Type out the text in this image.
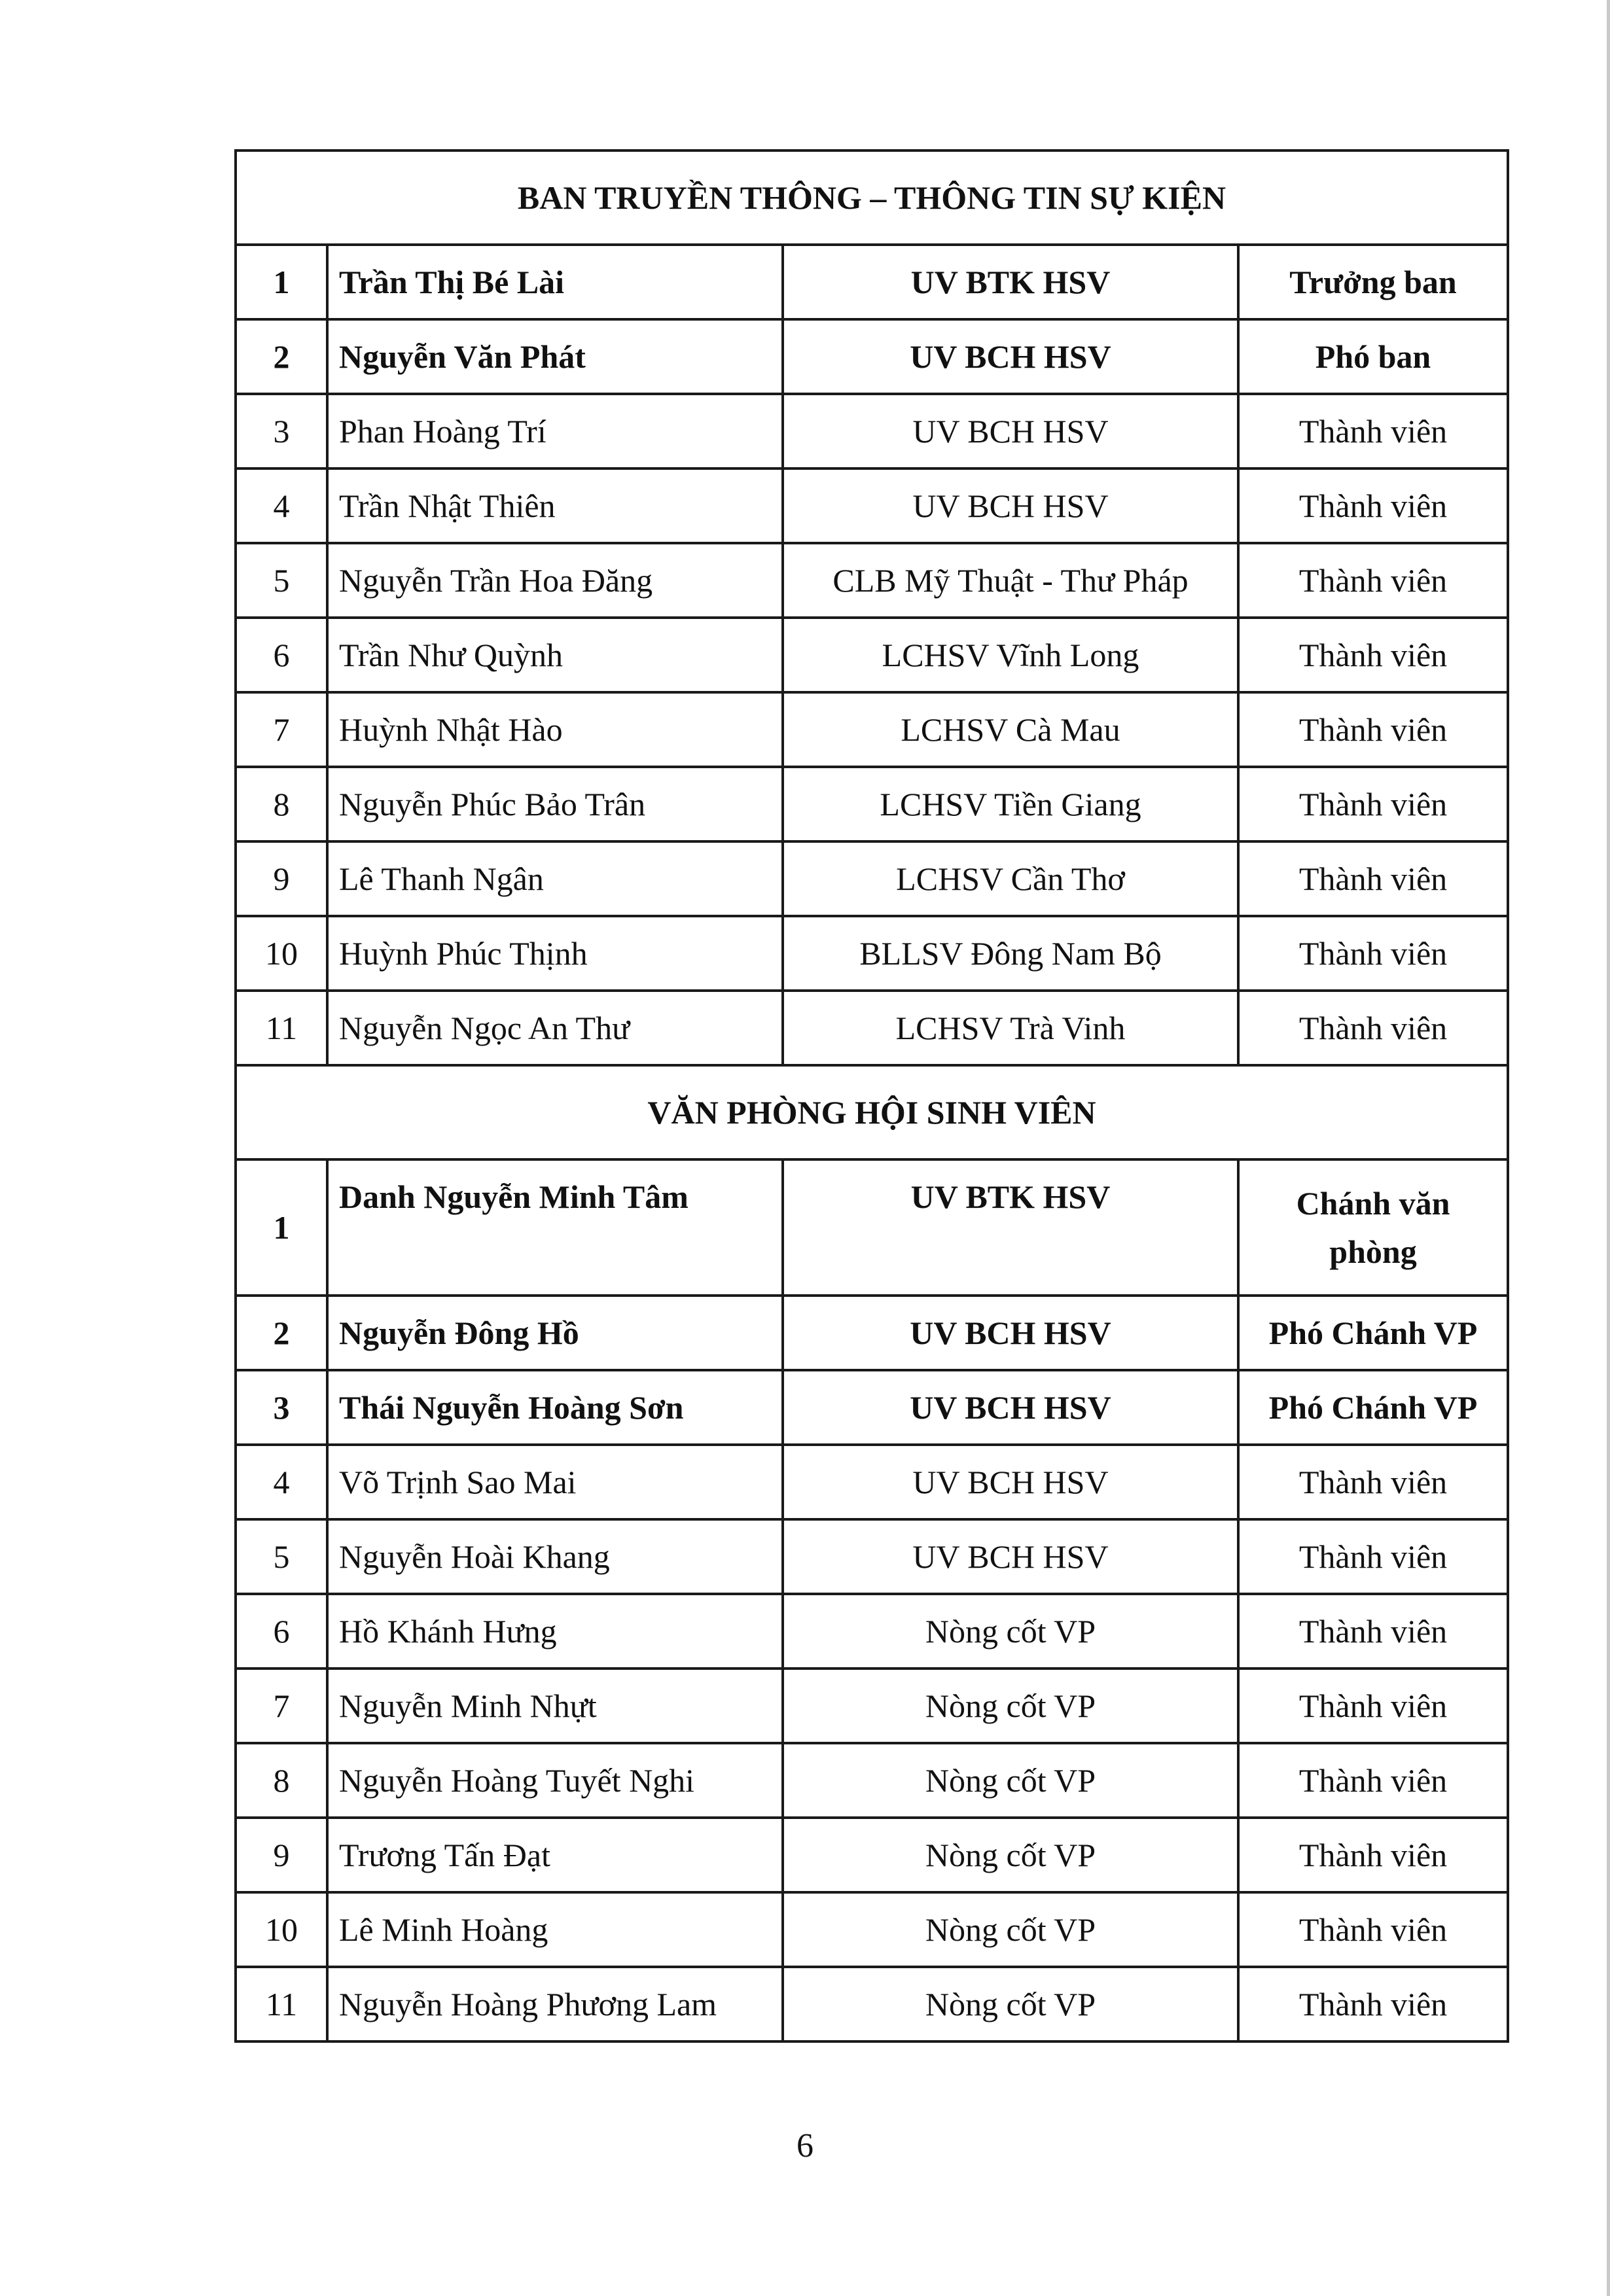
BAN TRUYỀN THÔNG – THÔNG TIN SỰ KIỆN			
1	Trần Thị Bé Lài	UV BTK HSV	Trưởng ban
2	Nguyễn Văn Phát	UV BCH HSV	Phó ban
3	Phan Hoàng Trí	UV BCH HSV	Thành viên
4	Trần Nhật Thiên	UV BCH HSV	Thành viên
5	Nguyễn Trần Hoa Đăng	CLB Mỹ Thuật - Thư Pháp	Thành viên
6	Trần Như Quỳnh	LCHSV Vĩnh Long	Thành viên
7	Huỳnh Nhật Hào	LCHSV Cà Mau	Thành viên
8	Nguyễn Phúc Bảo Trân	LCHSV Tiền Giang	Thành viên
9	Lê Thanh Ngân	LCHSV Cần Thơ	Thành viên
10	Huỳnh Phúc Thịnh	BLLSV Đông Nam Bộ	Thành viên
11	Nguyễn Ngọc An Thư	LCHSV Trà Vinh	Thành viên
VĂN PHÒNG HỘI SINH VIÊN			
1	Danh Nguyễn Minh Tâm	UV BTK HSV	Chánh văn phòng
2	Nguyễn Đông Hồ	UV BCH HSV	Phó Chánh VP
3	Thái Nguyễn Hoàng Sơn	UV BCH HSV	Phó Chánh VP
4	Võ Trịnh Sao Mai	UV BCH HSV	Thành viên
5	Nguyễn Hoài Khang	UV BCH HSV	Thành viên
6	Hồ Khánh Hưng	Nòng cốt VP	Thành viên
7	Nguyễn Minh Nhựt	Nòng cốt VP	Thành viên
8	Nguyễn Hoàng Tuyết Nghi	Nòng cốt VP	Thành viên
9	Trương Tấn Đạt	Nòng cốt VP	Thành viên
10	Lê Minh Hoàng	Nòng cốt VP	Thành viên
11	Nguyễn Hoàng Phương Lam	Nòng cốt VP	Thành viên
6
